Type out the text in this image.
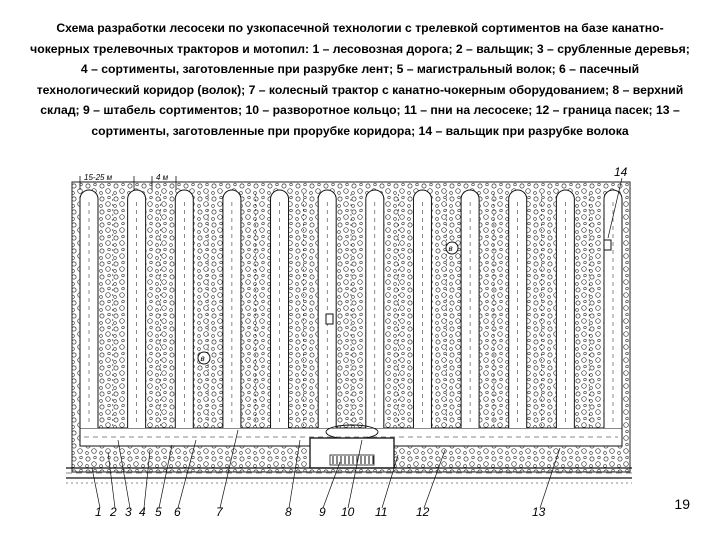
Схема разработки лесосеки по узкопасечной технологии с трелевкой сортиментов на базе канатно-чокерных трелевочных тракторов и мотопил: 1 – лесовозная дорога; 2 – вальщик; 3 – срубленные деревья; 4 – сортименты, заготовленные при разрубке лент; 5 – магистральный волок; 6 – пасечный технологический коридор (волок); 7 – колесный трактор с канатно-чокерным оборудованием; 8 – верхний склад; 9 – штабель сортиментов; 10 – разворотное кольцо; 11 – пни на лесосеке; 12 – граница пасек; 13 – сортименты, заготовленные при прорубке коридора; 14 – вальщик при разрубке волока
15-25 м	4 м
в
в
1 2 3 4 5 6	7	8 9 10 11 12	13
14
19
